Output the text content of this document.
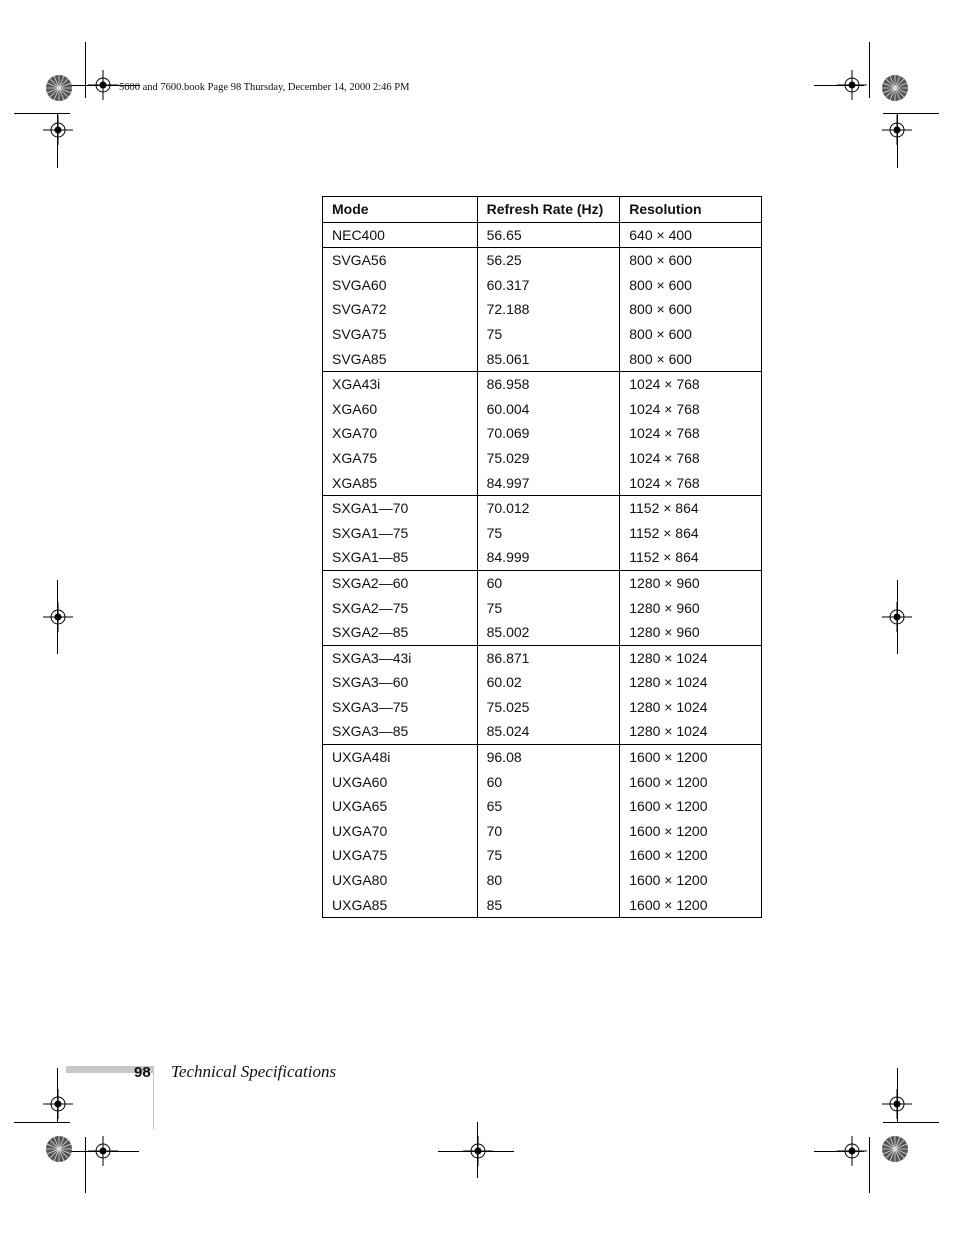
5600 and 7600.book Page 98 Thursday, December 14, 2000 2:46 PM
Mode	Refresh Rate (Hz)	Resolution
NEC400	56.65	640 × 400
SVGA56	56.25	800 × 600
SVGA60	60.317	800 × 600
SVGA72	72.188	800 × 600
SVGA75	75	800 × 600
SVGA85	85.061	800 × 600
XGA43i	86.958	1024 × 768
XGA60	60.004	1024 × 768
XGA70	70.069	1024 × 768
XGA75	75.029	1024 × 768
XGA85	84.997	1024 × 768
SXGA1—70	70.012	1152 × 864
SXGA1—75	75	1152 × 864
SXGA1—85	84.999	1152 × 864
SXGA2—60	60	1280 × 960
SXGA2—75	75	1280 × 960
SXGA2—85	85.002	1280 × 960
SXGA3—43i	86.871	1280 × 1024
SXGA3—60	60.02	1280 × 1024
SXGA3—75	75.025	1280 × 1024
SXGA3—85	85.024	1280 × 1024
UXGA48i	96.08	1600 × 1200
UXGA60	60	1600 × 1200
UXGA65	65	1600 × 1200
UXGA70	70	1600 × 1200
UXGA75	75	1600 × 1200
UXGA80	80	1600 × 1200
UXGA85	85	1600 × 1200
98 Technical Specifications
